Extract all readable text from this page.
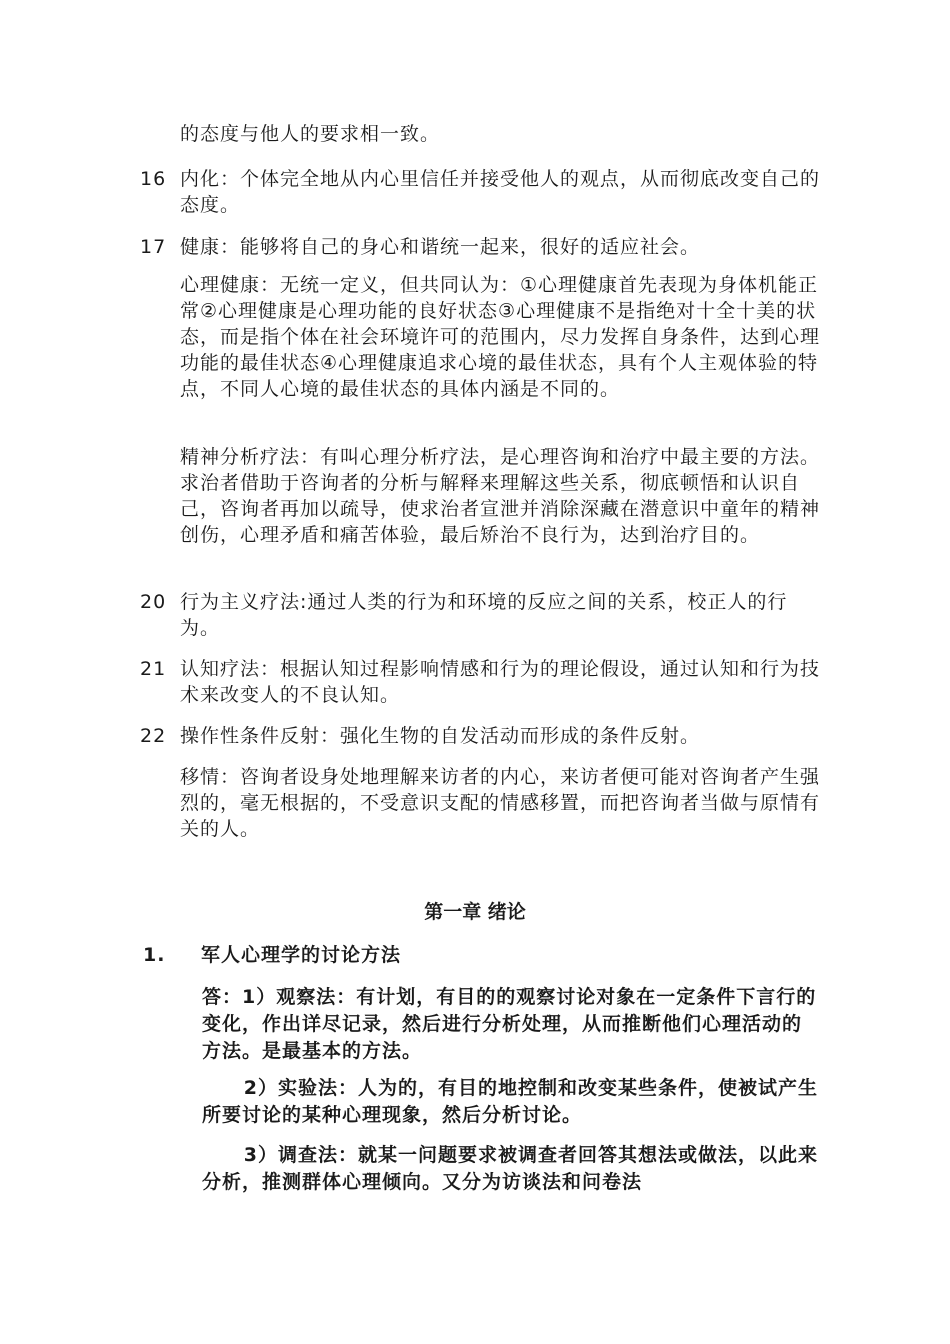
的态度与他人的要求相一致。
16 内化：个体完全地从内心里信任并接受他人的观点，从而彻底改变自己的态度。
17 健康：能够将自己的身心和谐统一起来，很好的适应社会。
心理健康：无统一定义，但共同认为：①心理健康首先表现为身体机能正常②心理健康是心理功能的良好状态③心理健康不是指绝对十全十美的状态，而是指个体在社会环境许可的范围内，尽力发挥自身条件，达到心理功能的最佳状态④心理健康追求心境的最佳状态，具有个人主观体验的特点，不同人心境的最佳状态的具体内涵是不同的。
精神分析疗法：有叫心理分析疗法，是心理咨询和治疗中最主要的方法。求治者借助于咨询者的分析与解释来理解这些关系，彻底顿悟和认识自己，咨询者再加以疏导，使求治者宣泄并消除深藏在潜意识中童年的精神创伤，心理矛盾和痛苦体验，最后矫治不良行为，达到治疗目的。
20 行为主义疗法:通过人类的行为和环境的反应之间的关系，校正人的行为。
21 认知疗法：根据认知过程影响情感和行为的理论假设，通过认知和行为技术来改变人的不良认知。
22 操作性条件反射：强化生物的自发活动而形成的条件反射。
移情：咨询者设身处地理解来访者的内心，来访者便可能对咨询者产生强烈的，毫无根据的，不受意识支配的情感移置，而把咨询者当做与原情有关的人。
第一章 绪论
1.	军人心理学的讨论方法
答：1）观察法：有计划，有目的的观察讨论对象在一定条件下言行的变化，作出详尽记录，然后进行分析处理，从而推断他们心理活动的方法。是最基本的方法。
2）实验法：人为的，有目的地控制和改变某些条件，使被试产生所要讨论的某种心理现象，然后分析讨论。
3）调查法：就某一问题要求被调查者回答其想法或做法，以此来分析，推测群体心理倾向。又分为访谈法和问卷法
